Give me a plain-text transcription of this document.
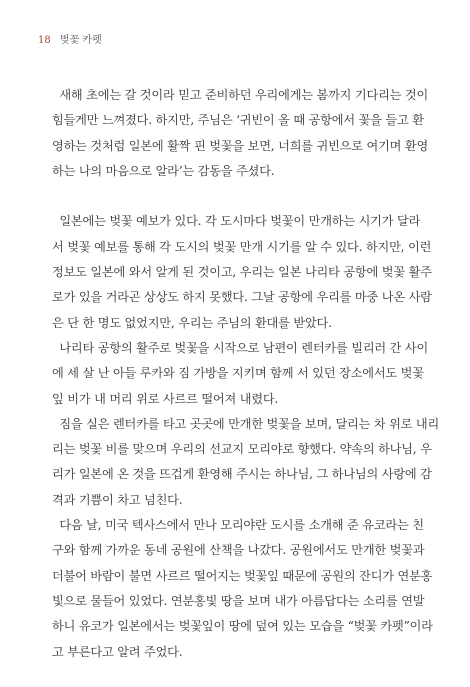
18 벚꽃 카펫
새해 초에는 갈 것이라 믿고 준비하던 우리에게는 봄까지 기다리는 것이
힘들게만 느껴졌다. 하지만, 주님은 ‘귀빈이 올 때 공항에서 꽃을 들고 환
영하는 것처럼 일본에 활짝 핀 벚꽃을 보면, 너희를 귀빈으로 여기며 환영
하는 나의 마음으로 알라’는 감동을 주셨다.
일본에는 벚꽃 예보가 있다. 각 도시마다 벚꽃이 만개하는 시기가 달라
서 벚꽃 예보를 통해 각 도시의 벚꽃 만개 시기를 알 수 있다. 하지만, 이런
정보도 일본에 와서 알게 된 것이고, 우리는 일본 나리타 공항에 벚꽃 활주
로가 있을 거라곤 상상도 하지 못했다. 그날 공항에 우리를 마중 나온 사람
은 단 한 명도 없었지만, 우리는 주님의 환대를 받았다.
나리타 공항의 활주로 벚꽃을 시작으로 남편이 렌터카를 빌리러 간 사이
에 세 살 난 아들 루카와 짐 가방을 지키며 함께 서 있던 장소에서도 벚꽃
잎 비가 내 머리 위로 사르르 떨어져 내렸다.
짐을 실은 렌터카를 타고 곳곳에 만개한 벚꽃을 보며, 달리는 차 위로 내리
리는 벚꽃 비를 맞으며 우리의 선교지 모리야로 향했다. 약속의 하나님, 우
리가 일본에 온 것을 뜨겁게 환영해 주시는 하나님, 그 하나님의 사랑에 감
격과 기쁨이 차고 넘친다.
다음 날, 미국 텍사스에서 만나 모리야란 도시를 소개해 준 유코라는 친
구와 함께 가까운 동네 공원에 산책을 나갔다. 공원에서도 만개한 벚꽃과
더불어 바람이 불면 사르르 떨어지는 벚꽃잎 때문에 공원의 잔디가 연분홍
빛으로 물들어 있었다. 연분홍빛 땅을 보며 내가 아름답다는 소리를 연발
하니 유코가 일본에서는 벚꽃잎이 땅에 덮여 있는 모습을 “벚꽃 카펫”이라
고 부른다고 알려 주었다.
